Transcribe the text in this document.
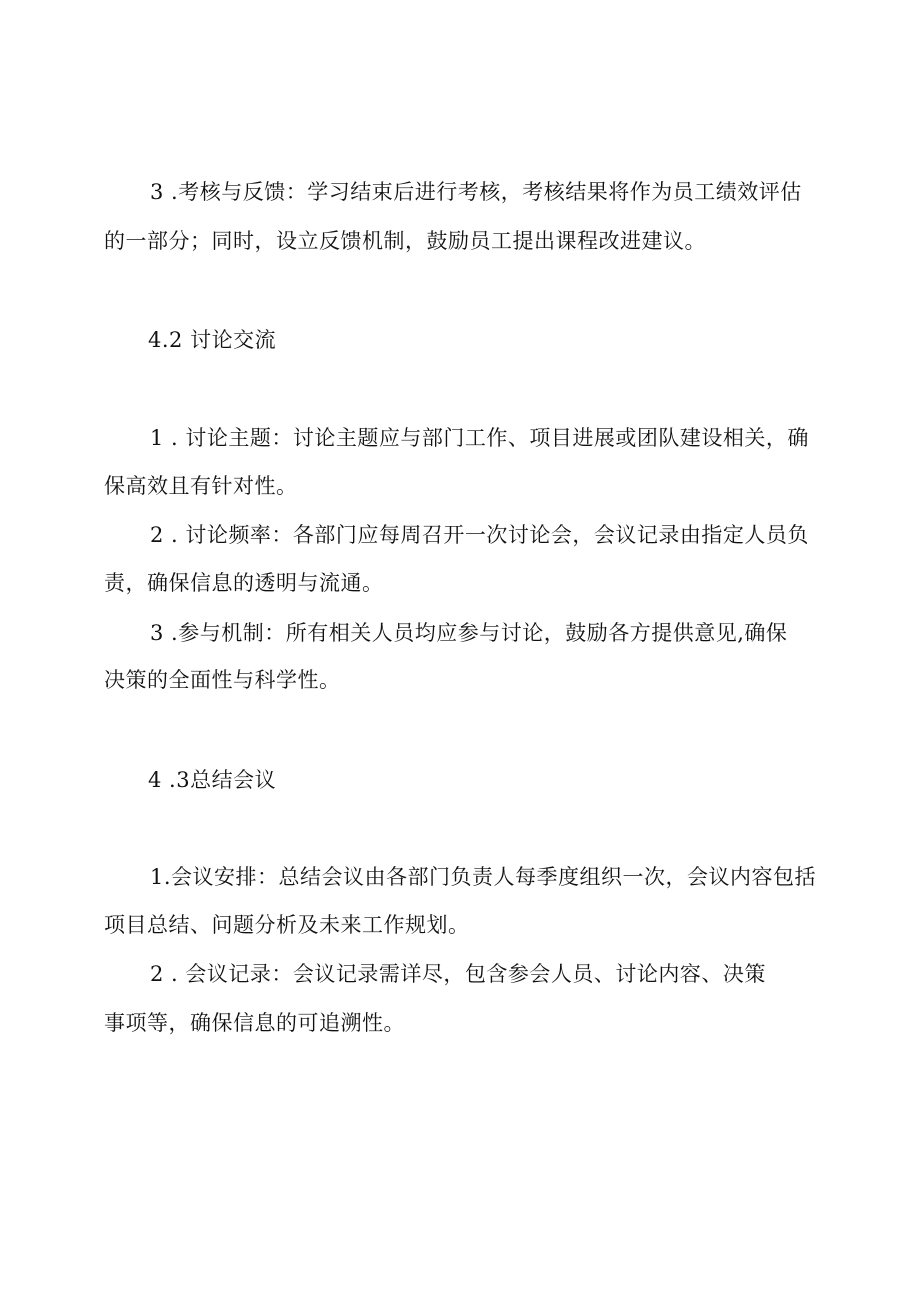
3 .考核与反馈：学习结束后进行考核，考核结果将作为员工绩效评估
的一部分；同时，设立反馈机制，鼓励员工提出课程改进建议。
4.2 讨论交流
1 . 讨论主题：讨论主题应与部门工作、项目进展或团队建设相关，确
保高效且有针对性。
2 . 讨论频率：各部门应每周召开一次讨论会，会议记录由指定人员负
责，确保信息的透明与流通。
3 .参与机制：所有相关人员均应参与讨论，鼓励各方提供意见,确保
决策的全面性与科学性。
4 .3总结会议
1.会议安排：总结会议由各部门负责人每季度组织一次，会议内容包括
项目总结、问题分析及未来工作规划。
2 . 会议记录：会议记录需详尽，包含参会人员、讨论内容、决策
事项等，确保信息的可追溯性。
